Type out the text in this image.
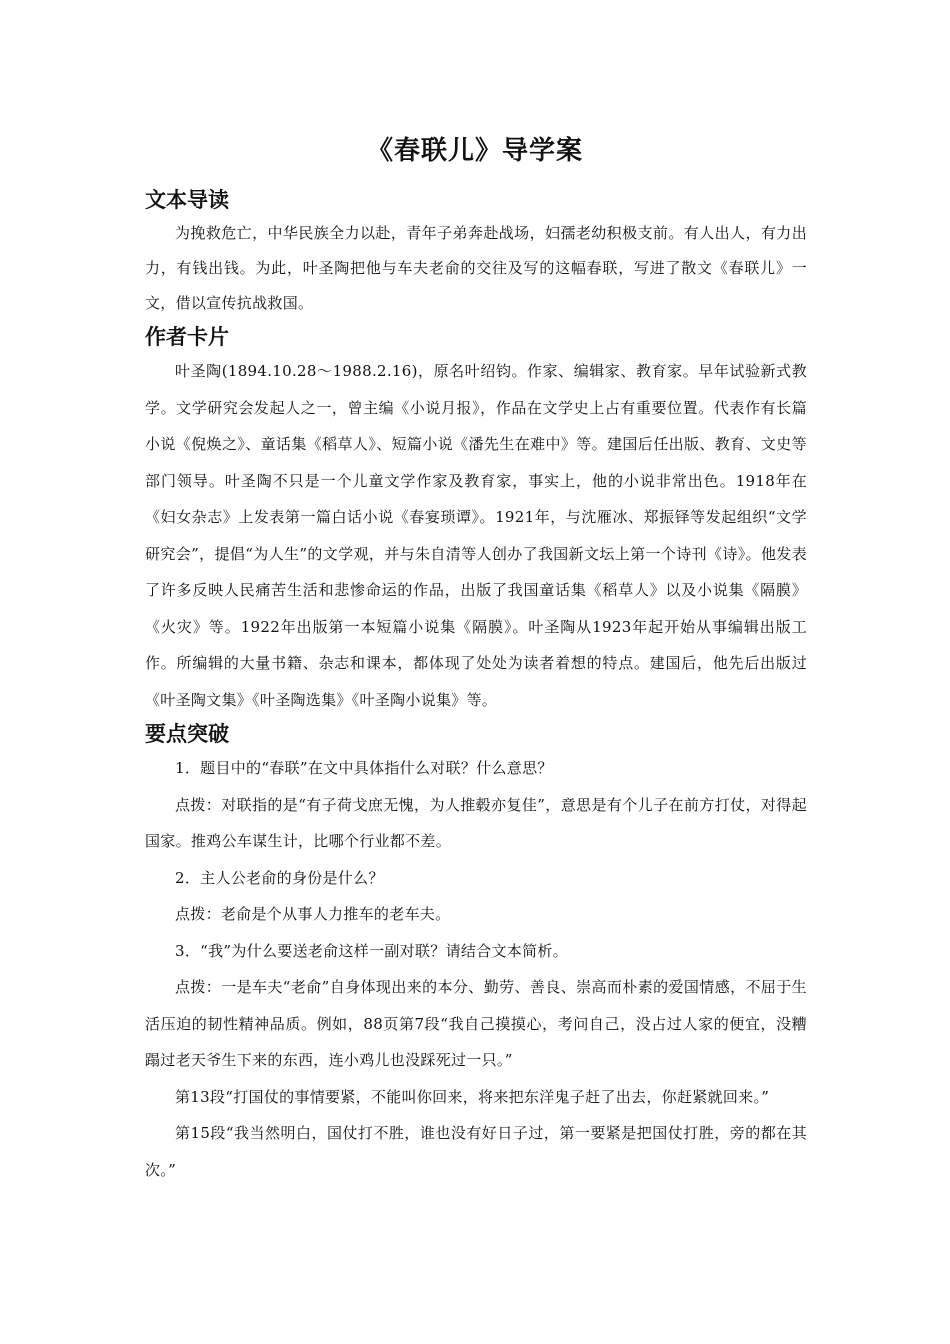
《春联儿》导学案
文本导读

为挽救危亡，中华民族全力以赴，青年子弟奔赴战场，妇孺老幼积极支前。有人出人，有力出力，有钱出钱。为此，叶圣陶把他与车夫老俞的交往及写的这幅春联，写进了散文《春联儿》一文，借以宣传抗战救国。

作者卡片

叶圣陶(1894.10.28～1988.2.16)，原名叶绍钧。作家、编辑家、教育家。早年试验新式教学。文学研究会发起人之一，曾主编《小说月报》，作品在文学史上占有重要位置。代表作有长篇小说《倪焕之》、童话集《稻草人》、短篇小说《潘先生在难中》等。建国后任出版、教育、文史等部门领导。叶圣陶不只是一个儿童文学作家及教育家，事实上，他的小说非常出色。1918年在《妇女杂志》上发表第一篇白话小说《春宴琐谭》。1921年，与沈雁冰、郑振铎等发起组织“文学研究会”，提倡“为人生”的文学观，并与朱自清等人创办了我国新文坛上第一个诗刊《诗》。他发表了许多反映人民痛苦生活和悲惨命运的作品，出版了我国童话集《稻草人》以及小说集《隔膜》《火灾》等。1922年出版第一本短篇小说集《隔膜》。叶圣陶从1923年起开始从事编辑出版工作。所编辑的大量书籍、杂志和课本，都体现了处处为读者着想的特点。建国后，他先后出版过《叶圣陶文集》《叶圣陶选集》《叶圣陶小说集》等。

要点突破

1．题目中的“春联”在文中具体指什么对联？什么意思？

点拨：对联指的是“有子荷戈庶无愧，为人推毂亦复佳”，意思是有个儿子在前方打仗，对得起国家。推鸡公车谋生计，比哪个行业都不差。

2．主人公老俞的身份是什么？

点拨：老俞是个从事人力推车的老车夫。

3．“我”为什么要送老俞这样一副对联？请结合文本简析。

点拨：一是车夫“老俞”自身体现出来的本分、勤劳、善良、崇高而朴素的爱国情感，不屈于生活压迫的韧性精神品质。例如，88页第7段“我自己摸摸心，考问自己，没占过人家的便宜，没糟蹋过老天爷生下来的东西，连小鸡儿也没踩死过一只。”

第13段“打国仗的事情要紧，不能叫你回来，将来把东洋鬼子赶了出去，你赶紧就回来。”

第15段“我当然明白，国仗打不胜，谁也没有好日子过，第一要紧是把国仗打胜，旁的都在其次。”
